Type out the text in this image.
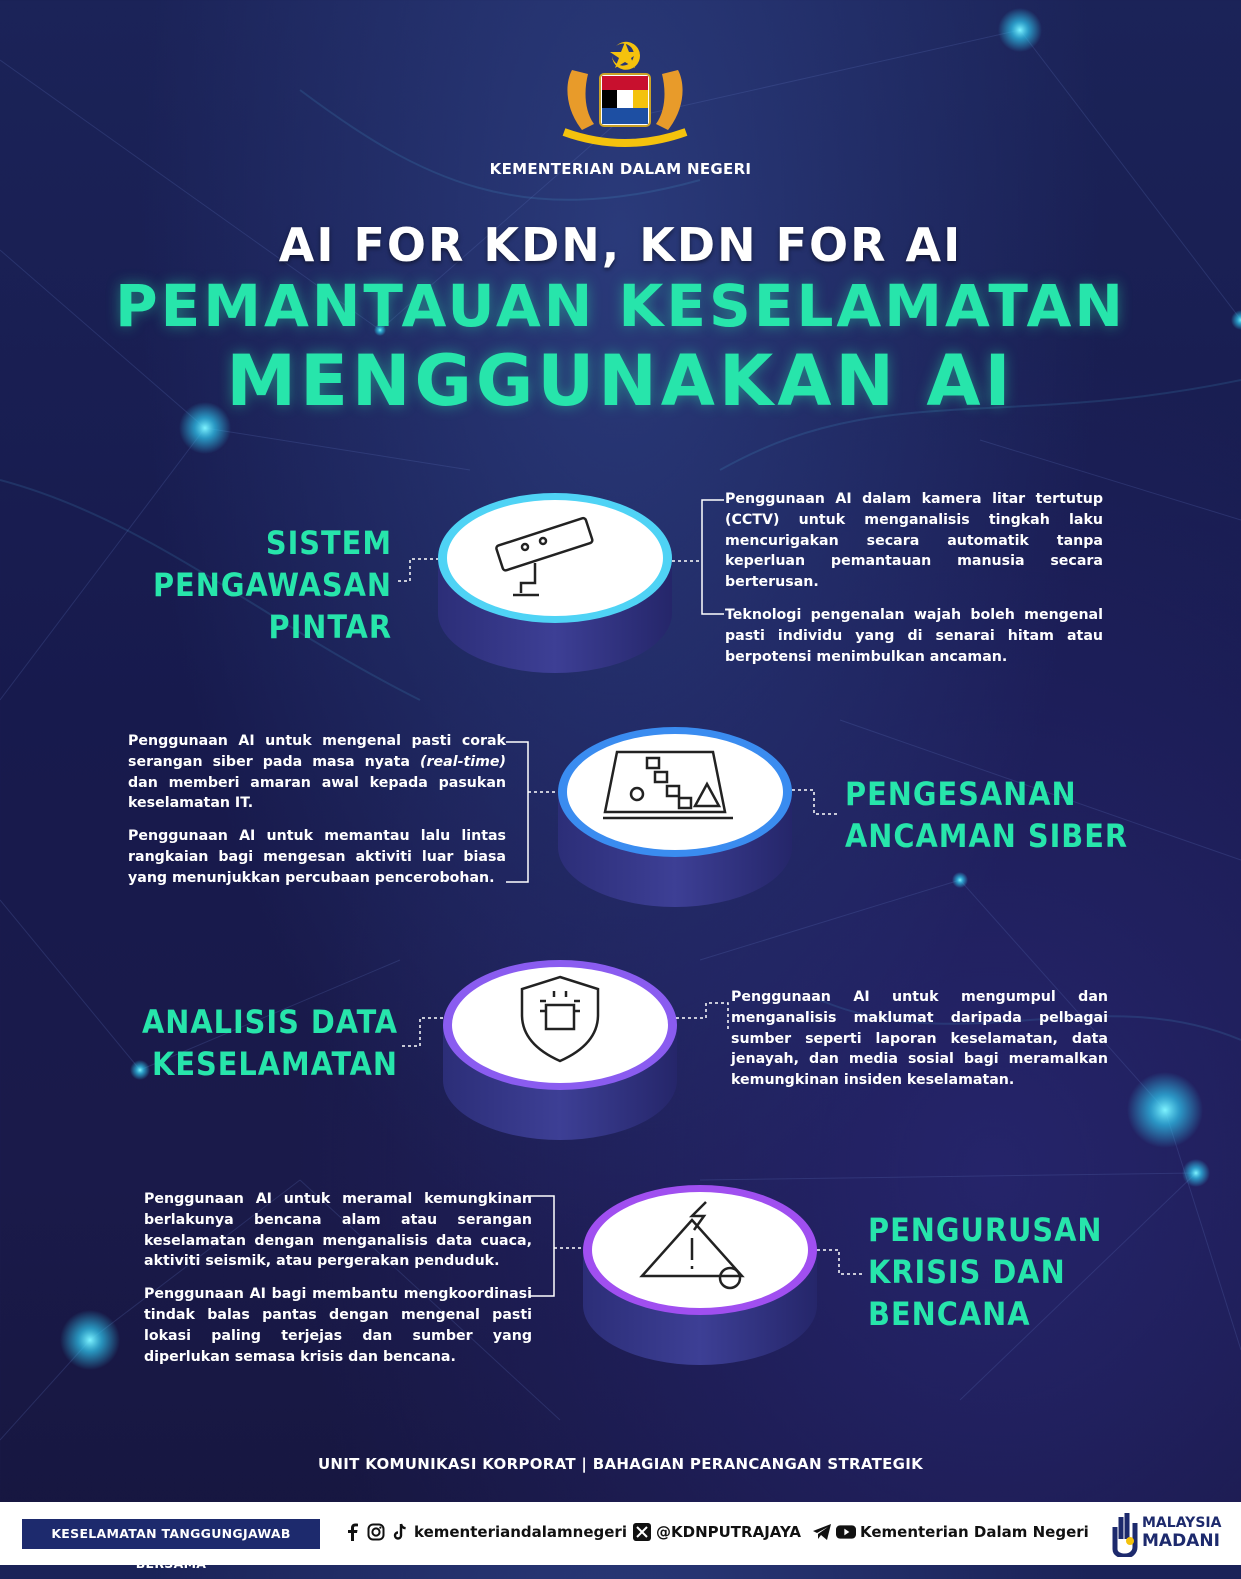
KEMENTERIAN DALAM NEGERI
AI FOR KDN, KDN FOR AI
PEMANTAUAN KESELAMATAN
MENGGUNAKAN AI
SISTEM
PENGAWASAN
PINTAR

Penggunaan AI dalam kamera litar tertutup (CCTV) untuk menganalisis tingkah laku mencurigakan secara automatik tanpa keperluan pemantauan manusia secara berterusan.

Teknologi pengenalan wajah boleh mengenal pasti individu yang di senarai hitam atau berpotensi menimbulkan ancaman.

Penggunaan AI untuk mengenal pasti corak serangan siber pada masa nyata (real-time) dan memberi amaran awal kepada pasukan keselamatan IT.

Penggunaan AI untuk memantau lalu lintas rangkaian bagi mengesan aktiviti luar biasa yang menunjukkan percubaan pencerobohan.

PENGESANAN
ANCAMAN SIBER
ANALISIS DATA
KESELAMATAN

Penggunaan AI untuk mengumpul dan menganalisis maklumat daripada pelbagai sumber seperti laporan keselamatan, data jenayah, dan media sosial bagi meramalkan kemungkinan insiden keselamatan.

Penggunaan AI untuk meramal kemungkinan berlakunya bencana alam atau serangan keselamatan dengan menganalisis data cuaca, aktiviti seismik, atau pergerakan penduduk.

Penggunaan AI bagi membantu mengkoordinasi tindak balas pantas dengan mengenal pasti lokasi paling terjejas dan sumber yang diperlukan semasa krisis dan bencana.

PENGURUSAN
KRISIS DAN
BENCANA
UNIT KOMUNIKASI KORPORAT | BAHAGIAN PERANCANGAN STRATEGIK
KESELAMATAN TANGGUNGJAWAB BERSAMA
kementeriandalamnegeri @KDNPUTRAJAYA	Kementerian Dalam Negeri	MALAYSIA
MADANI
